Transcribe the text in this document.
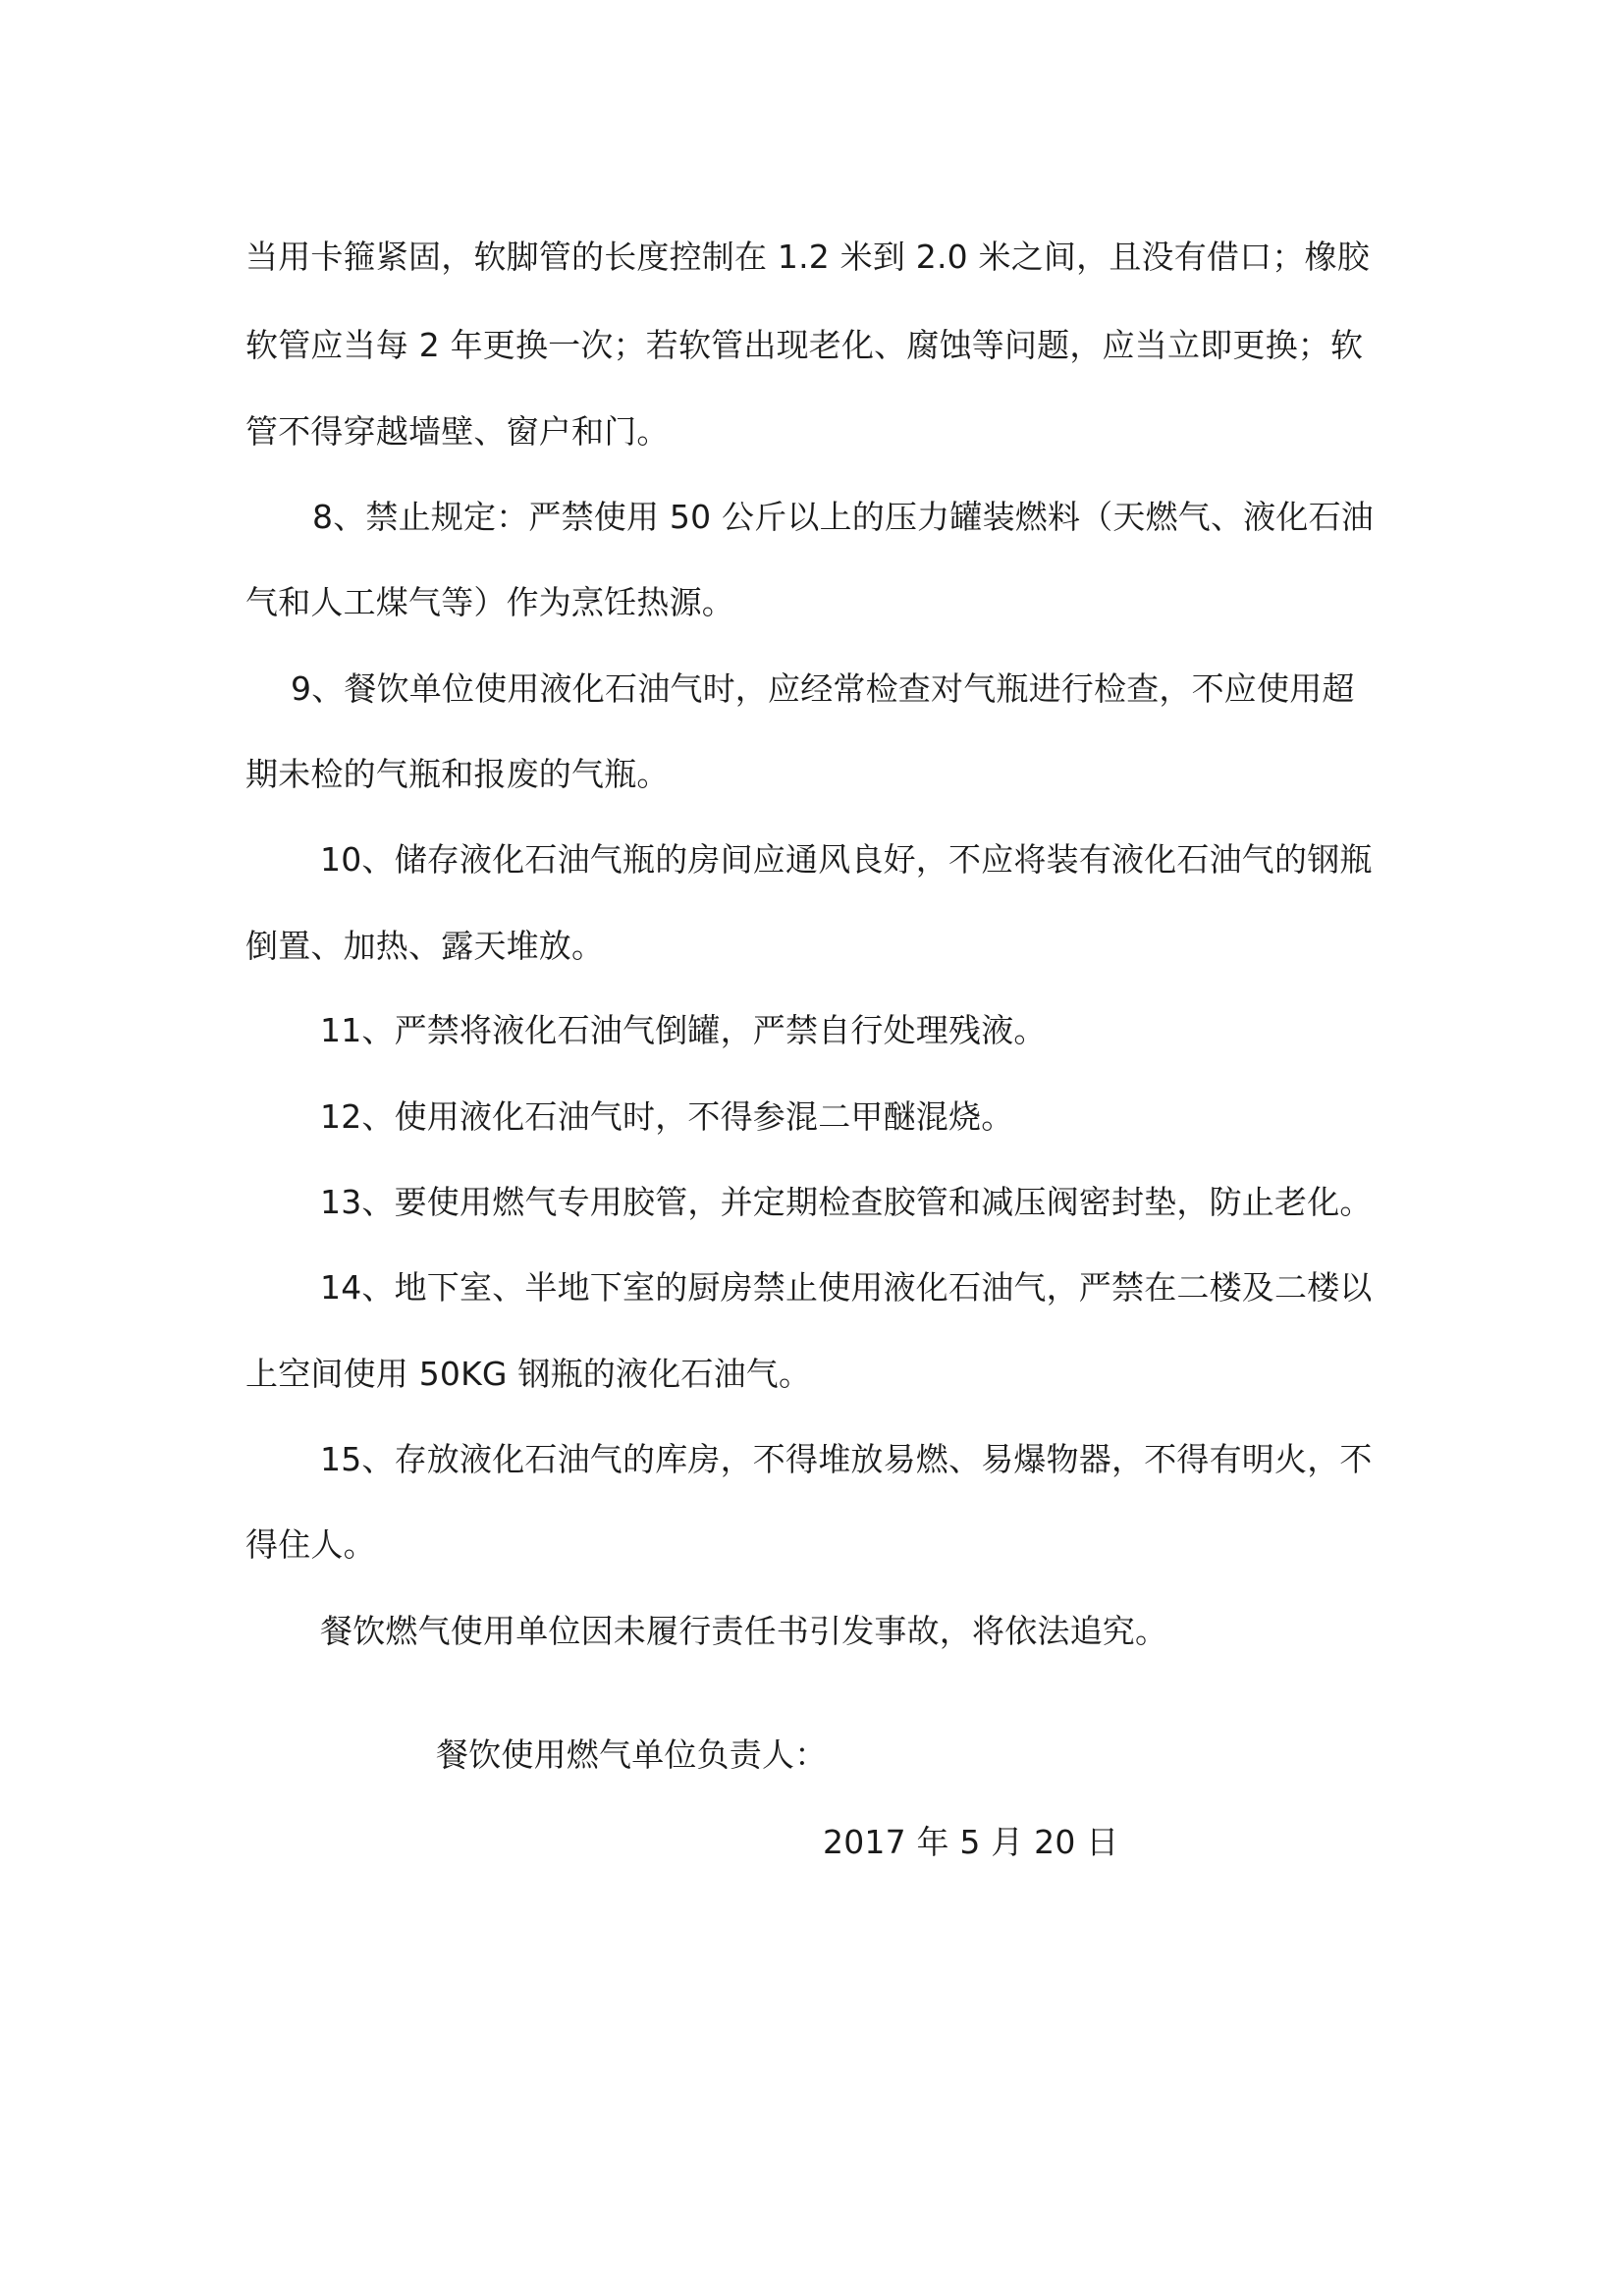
当用卡箍紧固，软脚管的长度控制在 1.2 米到 2.0 米之间，且没有借口；橡胶
软管应当每 2 年更换一次；若软管出现老化、腐蚀等问题，应当立即更换；软
管不得穿越墙壁、窗户和门。
8、禁止规定：严禁使用 50 公斤以上的压力罐装燃料（天燃气、液化石油
气和人工煤气等）作为烹饪热源。
9、餐饮单位使用液化石油气时，应经常检查对气瓶进行检查，不应使用超
期未检的气瓶和报废的气瓶。
10、储存液化石油气瓶的房间应通风良好，不应将装有液化石油气的钢瓶
倒置、加热、露天堆放。
11、严禁将液化石油气倒罐，严禁自行处理残液。
12、使用液化石油气时，不得参混二甲醚混烧。
13、要使用燃气专用胶管，并定期检查胶管和减压阀密封垫，防止老化。
14、地下室、半地下室的厨房禁止使用液化石油气，严禁在二楼及二楼以
上空间使用 50KG 钢瓶的液化石油气。
15、存放液化石油气的库房，不得堆放易燃、易爆物器，不得有明火，不
得住人。
餐饮燃气使用单位因未履行责任书引发事故，将依法追究。
餐饮使用燃气单位负责人：
2017 年 5 月 20 日
